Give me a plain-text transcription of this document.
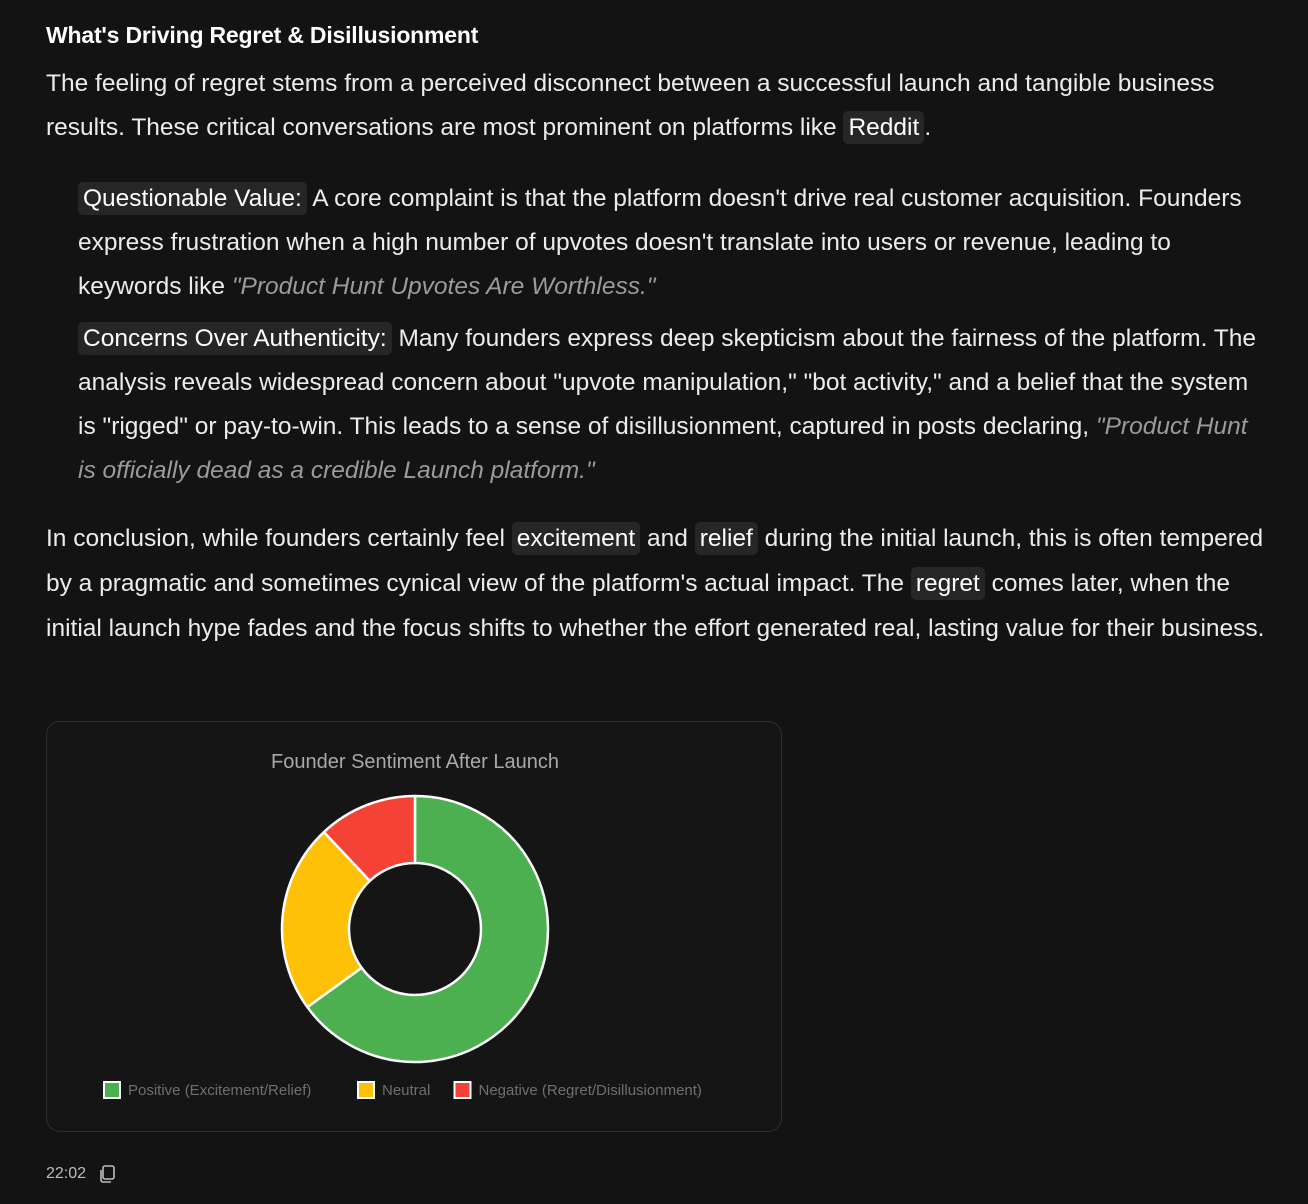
What's Driving Regret & Disillusionment
The feeling of regret stems from a perceived disconnect between a successful launch and tangible business results. These critical conversations are most prominent on platforms like Reddit .
Questionable Value: A core complaint is that the platform doesn't drive real customer acquisition. Founders express frustration when a high number of upvotes doesn't translate into users or revenue, leading to keywords like "Product Hunt Upvotes Are Worthless."
Concerns Over Authenticity: Many founders express deep skepticism about the fairness of the platform. The analysis reveals widespread concern about "upvote manipulation," "bot activity," and a belief that the system is "rigged" or pay-to-win. This leads to a sense of disillusionment, captured in posts declaring, "Product Hunt is officially dead as a credible Launch platform."
In conclusion, while founders certainly feel excitement and relief during the initial launch, this is often tempered by a pragmatic and sometimes cynical view of the platform's actual impact. The regret comes later, when the initial launch hype fades and the focus shifts to whether the effort generated real, lasting value for their business.
Founder Sentiment After Launch
Positive (Excitement/Relief)	Neutral	Negative (Regret/Disillusionment)
22:02
